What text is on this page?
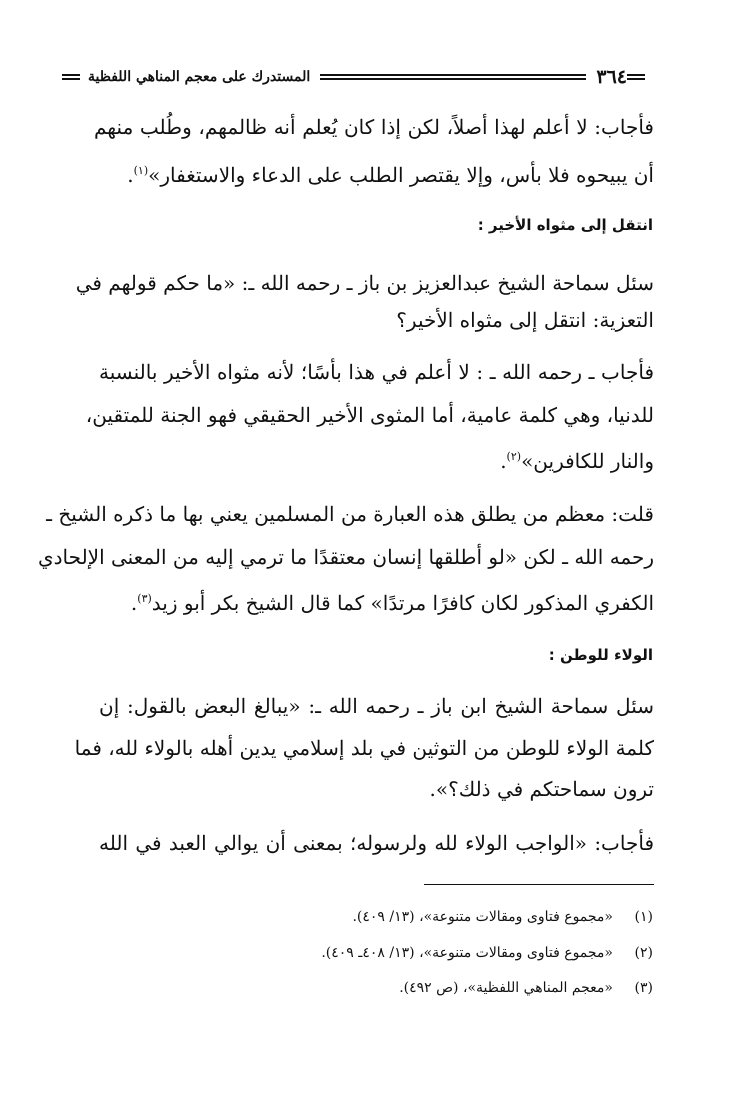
٣٦٤
المستدرك على معجم المناهي اللفظية
فأجاب: لا أعلم لهذا أصلاً، لكن إذا كان يُعلم أنه ظالمهم، وطُلب منهم
أن يبيحوه فلا بأس، وإلا يقتصر الطلب على الدعاء والاستغفار»$^{(١)}$.
انتقل إلى مثواه الأخير :
سئل سماحة الشيخ عبدالعزيز بن باز ـ رحمه الله ـ: «ما حكم قولهم في
التعزية: انتقل إلى مثواه الأخير؟
فأجاب ـ رحمه الله ـ : لا أعلم في هذا بأسًا؛ لأنه مثواه الأخير بالنسبة
للدنيا، وهي كلمة عامية، أما المثوى الأخير الحقيقي فهو الجنة للمتقين،
والنار للكافرين»$^{(٢)}$.
قلت: معظم من يطلق هذه العبارة من المسلمين يعني بها ما ذكره الشيخ ـ
رحمه الله ـ لكن «لو أطلقها إنسان معتقدًا ما ترمي إليه من المعنى الإلحادي
الكفري المذكور لكان كافرًا مرتدًا» كما قال الشيخ بكر أبو زيد$^{(٣)}$.
الولاء للوطن :
سئل سماحة الشيخ ابن باز ـ رحمه الله ـ: «يبالغ البعض بالقول: إن
كلمة الولاء للوطن من التوثين في بلد إسلامي يدين أهله بالولاء لله، فما
ترون سماحتكم في ذلك؟».
فأجاب: «الواجب الولاء لله ولرسوله؛ بمعنى أن يوالي العبد في الله
(١)
«مجموع فتاوى ومقالات متنوعة»، (١٣/ ٤٠٩).
(٢)
«مجموع فتاوى ومقالات متنوعة»، (١٣/ ٤٠٨ـ ٤٠٩).
(٣)
«معجم المناهي اللفظية»، (ص ٤٩٢).
